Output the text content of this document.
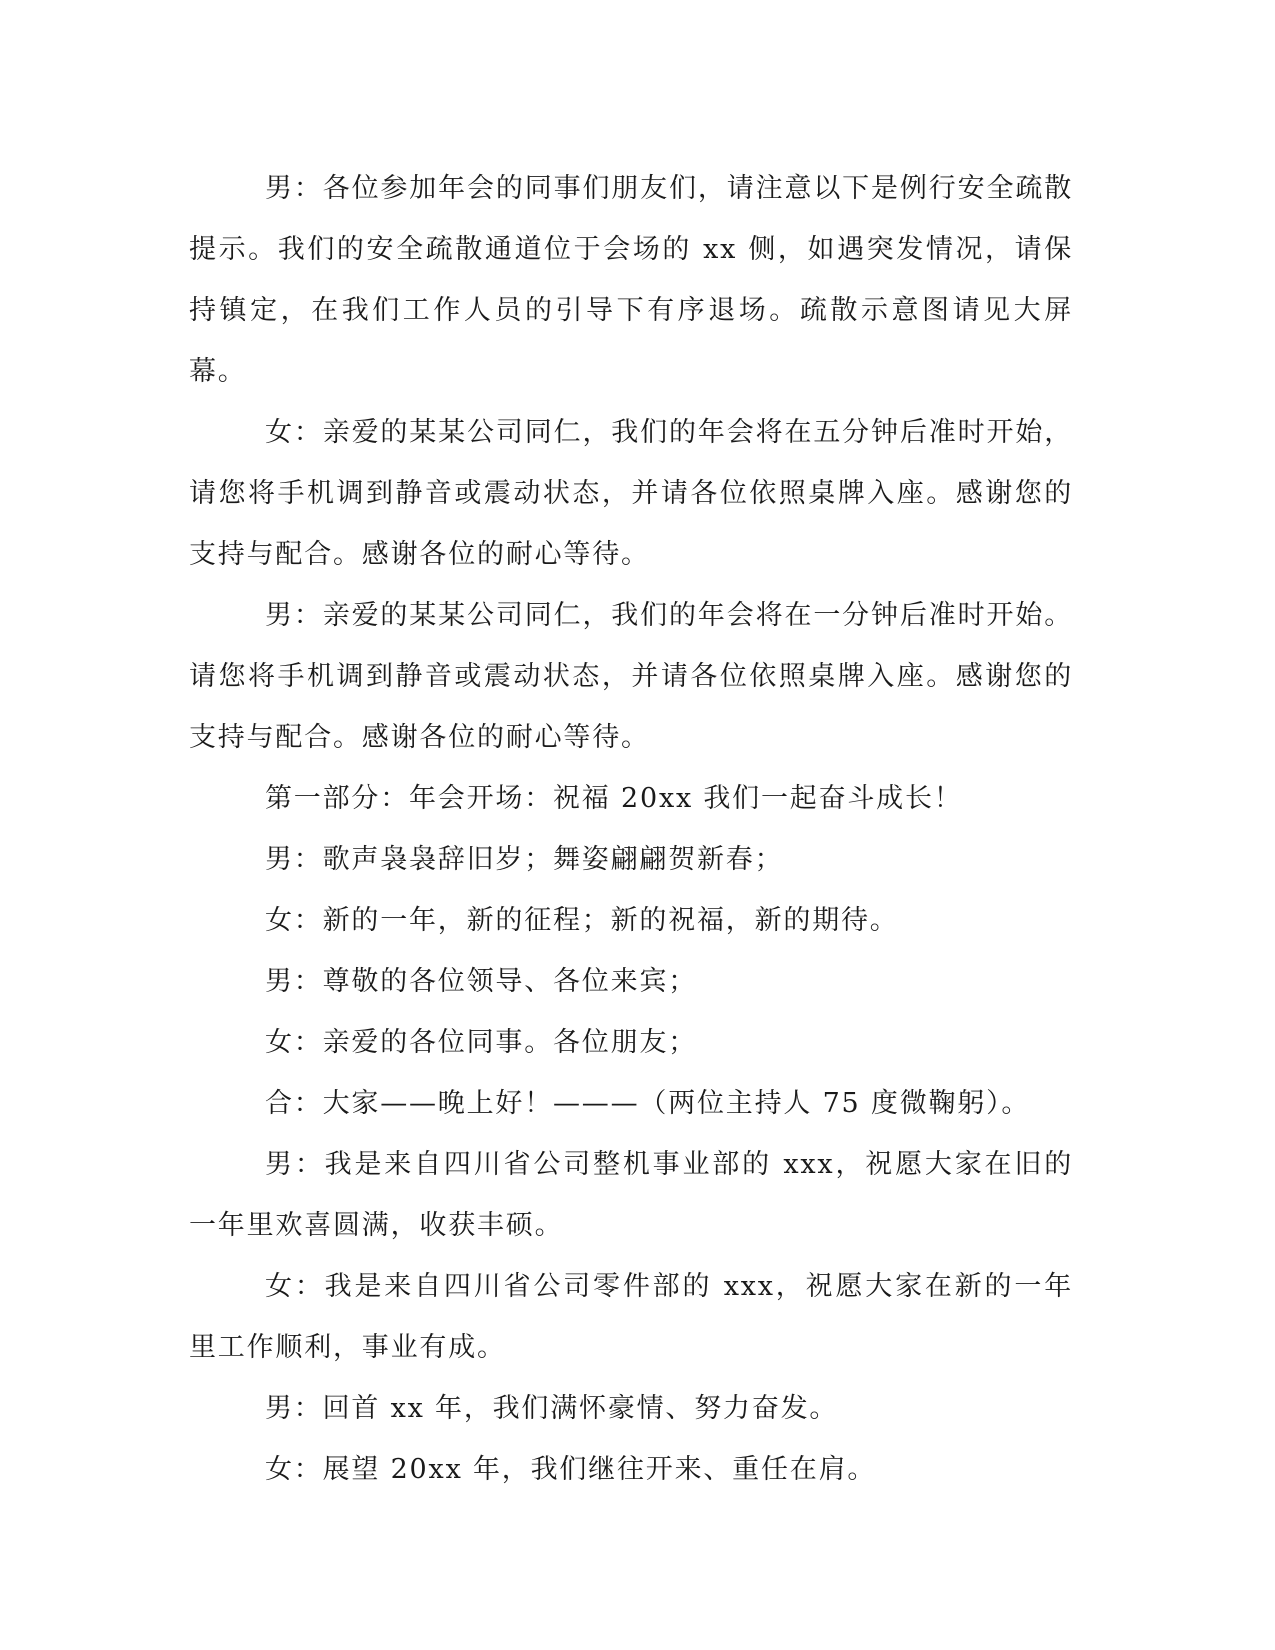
男：各位参加年会的同事们朋友们，请注意以下是例行安全疏散提示。我们的安全疏散通道位于会场的 xx 侧，如遇突发情况，请保持镇定，在我们工作人员的引导下有序退场。疏散示意图请见大屏幕。

女：亲爱的某某公司同仁，我们的年会将在五分钟后准时开始，请您将手机调到静音或震动状态，并请各位依照桌牌入座。感谢您的支持与配合。感谢各位的耐心等待。

男：亲爱的某某公司同仁，我们的年会将在一分钟后准时开始。请您将手机调到静音或震动状态，并请各位依照桌牌入座。感谢您的支持与配合。感谢各位的耐心等待。

第一部分：年会开场：祝福 20xx 我们一起奋斗成长！

男：歌声袅袅辞旧岁；舞姿翩翩贺新春；

女：新的一年，新的征程；新的祝福，新的期待。

男：尊敬的各位领导、各位来宾；

女：亲爱的各位同事。各位朋友；

合：大家——晚上好！———（两位主持人 75 度微鞠躬）。

男：我是来自四川省公司整机事业部的 xxx，祝愿大家在旧的一年里欢喜圆满，收获丰硕。

女：我是来自四川省公司零件部的 xxx，祝愿大家在新的一年里工作顺利，事业有成。

男：回首 xx 年，我们满怀豪情、努力奋发。

女：展望 20xx 年，我们继往开来、重任在肩。
